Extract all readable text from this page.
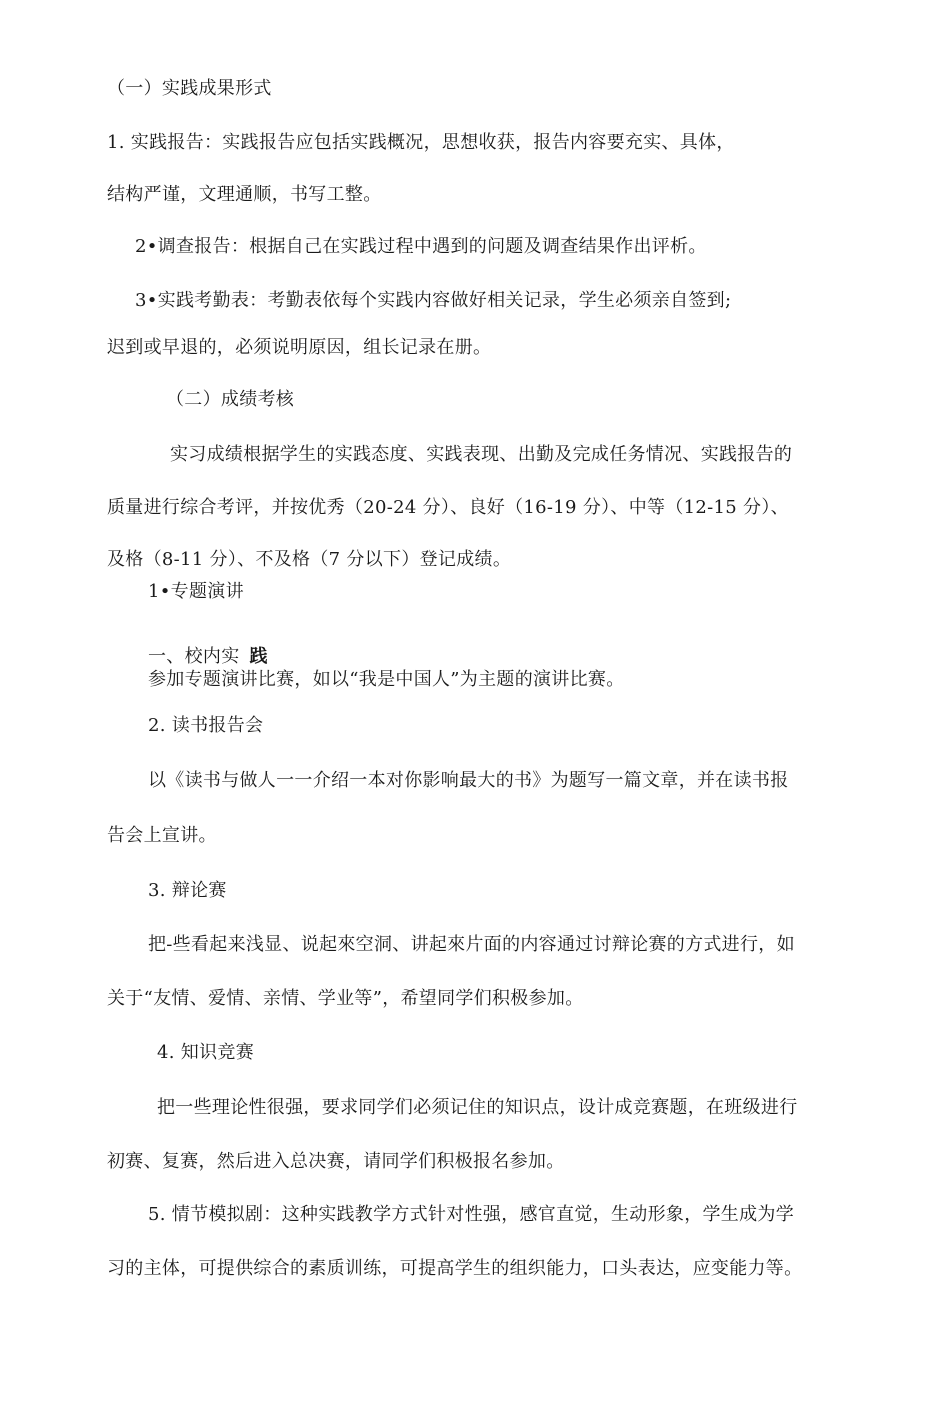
（一）实践成果形式
1. 实践报告：实践报告应包括实践概况，思想收获，报告内容要充实、具体，
结构严谨，文理通顺，书写工整。
2•调查报告：根据自己在实践过程中遇到的问题及调查结果作出评析。
3•实践考勤表：考勤表依每个实践内容做好相关记录，学生必须亲自签到;
迟到或早退的，必须说明原因，组长记录在册。
（二）成绩考核
实习成绩根据学生的实践态度、实践表现、出勤及完成任务情况、实践报告的
质量进行综合考评，并按优秀（20-24 分）、良好（16-19 分）、中等（12-15 分）、
及格（8-11 分）、不及格（7 分以下）登记成绩。
1•专题演讲
一、校内实 践
参加专题演讲比赛，如以“我是中国人”为主题的演讲比赛。
2. 读书报告会
以《读书与做人一一介绍一本对你影响最大的书》为题写一篇文章，并在读书报
告会上宣讲。
3. 辩论赛
把-些看起来浅显、说起來空洞、讲起來片面的内容通过讨辩论赛的方式进行，如
关于“友情、爱情、亲情、学业等”，希望同学们积极参加。
4. 知识竞赛
把一些理论性很强，要求同学们必须记住的知识点，设计成竞赛题，在班级进行
初赛、复赛，然后进入总决赛，请同学们积极报名参加。
5. 情节模拟剧：这种实践教学方式针对性强，感官直觉，生动形象，学生成为学
习的主体，可提供综合的素质训练，可提高学生的组织能力，口头表达，应变能力等。
